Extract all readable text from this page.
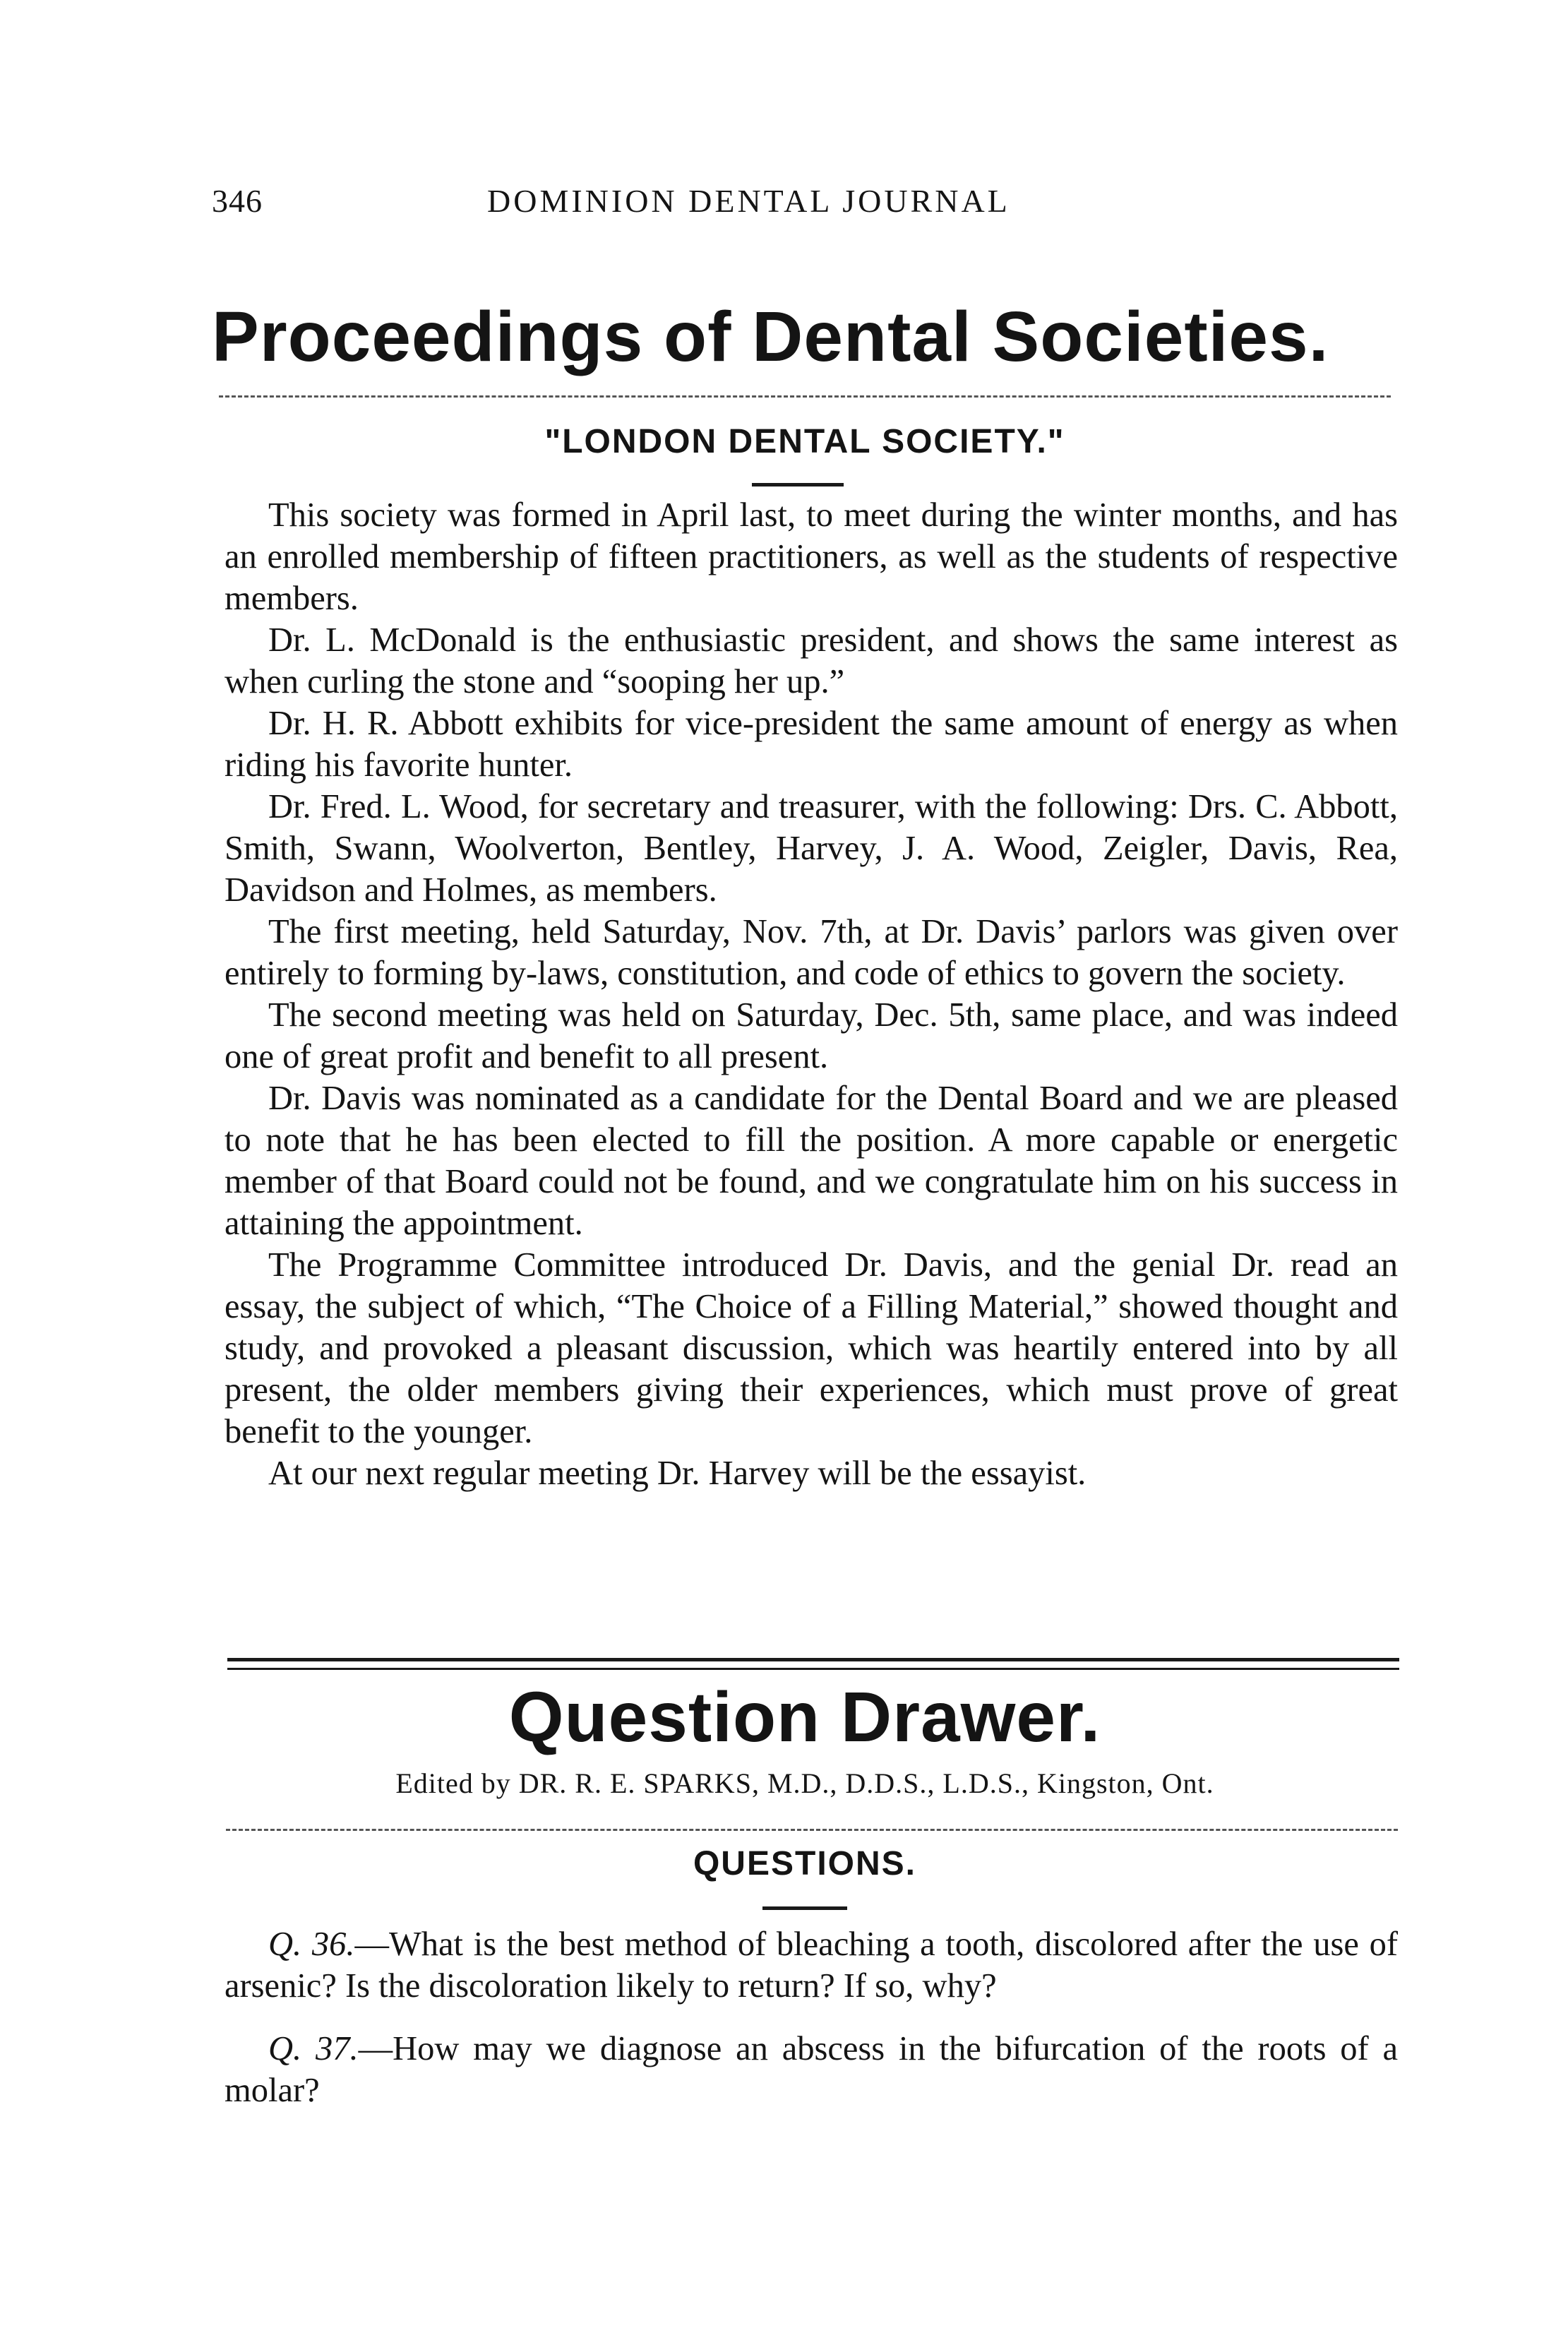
346	DOMINION DENTAL JOURNAL
Proceedings of Dental Societies.
"LONDON DENTAL SOCIETY."

This society was formed in April last, to meet during the winter months, and has an enrolled membership of fifteen practitioners, as well as the students of respective members.

Dr. L. McDonald is the enthusiastic president, and shows the same interest as when curling the stone and “sooping her up.”

Dr. H. R. Abbott exhibits for vice-president the same amount of energy as when riding his favorite hunter.

Dr. Fred. L. Wood, for secretary and treasurer, with the following: Drs. C. Abbott, Smith, Swann, Woolverton, Bentley, Harvey, J. A. Wood, Zeigler, Davis, Rea, Davidson and Holmes, as members.

The first meeting, held Saturday, Nov. 7th, at Dr. Davis’ parlors was given over entirely to forming by-laws, constitution, and code of ethics to govern the society.

The second meeting was held on Saturday, Dec. 5th, same place, and was indeed one of great profit and benefit to all present.

Dr. Davis was nominated as a candidate for the Dental Board and we are pleased to note that he has been elected to fill the position. A more capable or energetic member of that Board could not be found, and we congratulate him on his success in attaining the appointment.

The Programme Committee introduced Dr. Davis, and the genial Dr. read an essay, the subject of which, “The Choice of a Filling Material,” showed thought and study, and provoked a pleasant discussion, which was heartily entered into by all present, the older members giving their experiences, which must prove of great benefit to the younger.

At our next regular meeting Dr. Harvey will be the essayist.

Question Drawer.
Edited by DR. R. E. SPARKS, M.D., D.D.S., L.D.S., Kingston, Ont.
QUESTIONS.

Q. 36.—What is the best method of bleaching a tooth, discolored after the use of arsenic? Is the discoloration likely to return? If so, why?

Q. 37.—How may we diagnose an abscess in the bifurcation of the roots of a molar?
